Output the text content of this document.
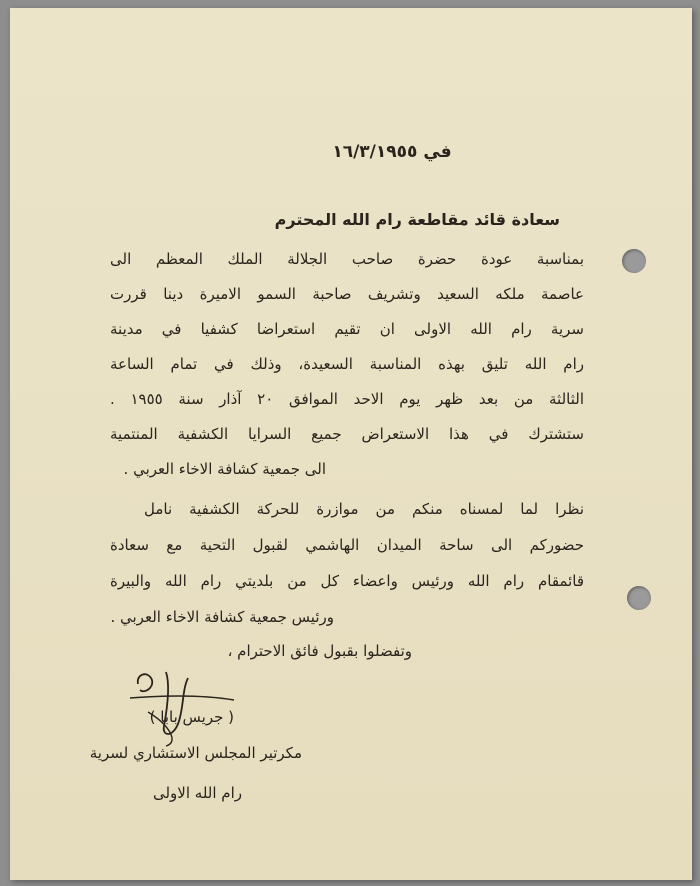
في ١٦/٣/١٩٥٥
سعادة قائد مقاطعة رام الله المحترم
بمناسبة عودة حضرة صاحب الجلالة الملك المعظم الى
عاصمة ملكه السعيد وتشريف صاحبة السمو الاميرة دينا قررت
سرية رام الله الاولى ان تقيم استعراضا كشفيا في مدينة
رام الله تليق بهذه المناسبة السعيدة، وذلك في تمام الساعة
الثالثة من بعد ظهر يوم الاحد الموافق ٢٠ آذار سنة ١٩٥٥ .
ستشترك في هذا الاستعراض جميع السرايا الكشفية المنتمية
الى جمعية كشافة الاخاء العربي .
نظرا لما لمسناه منكم من موازرة للحركة الكشفية نامل
حضوركم الى ساحة الميدان الهاشمي لقبول التحية مع سعادة
قائمقام رام الله ورئيس واعضاء كل من بلديتي رام الله والبيرة
ورئيس جمعية كشافة الاخاء العربي .
وتفضلوا بقبول فائق الاحترام ،
( جريس بابا )
مكرتير المجلس الاستشاري لسرية
رام الله الاولى
